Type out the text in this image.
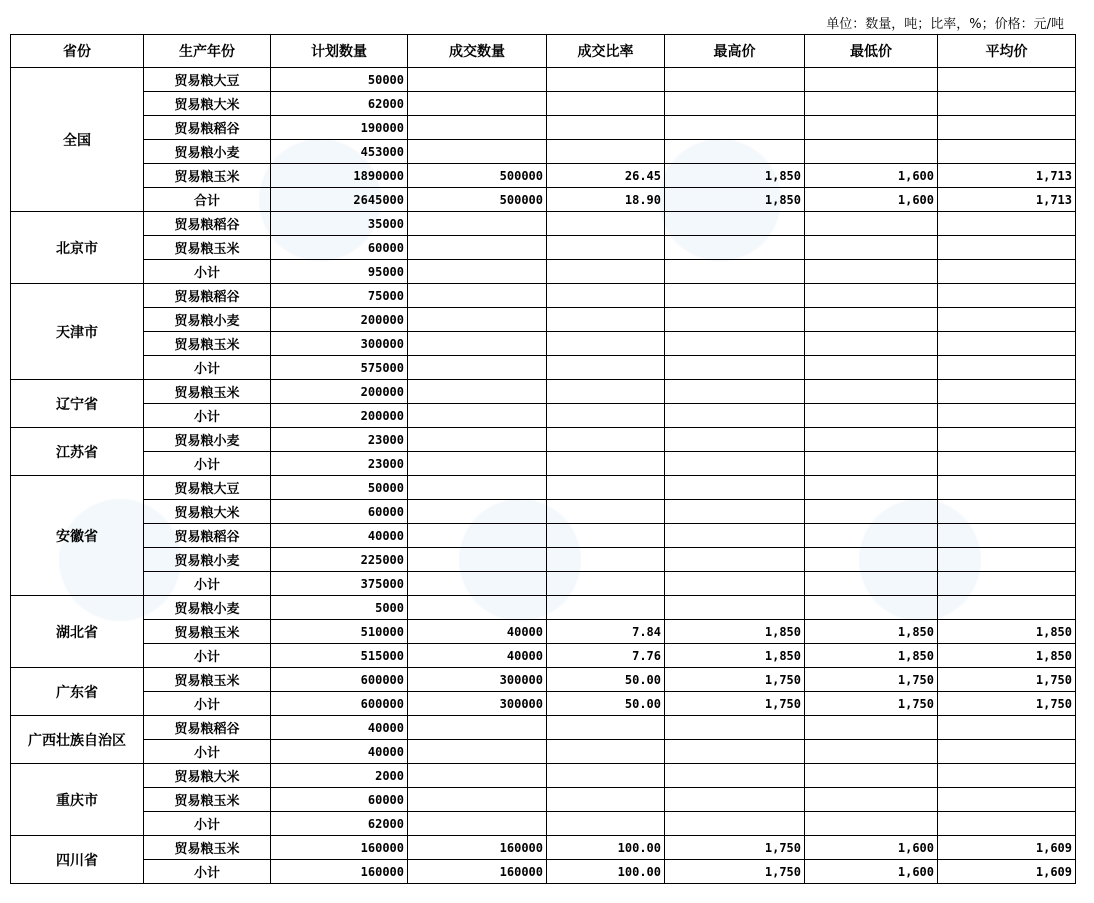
单位：数量，吨；比率，%；价格：元/吨
省份	生产年份	计划数量	成交数量	成交比率	最高价	最低价	平均价
全国	贸易粮大豆	50000					
	贸易粮大米	62000					
	贸易粮稻谷	190000					
	贸易粮小麦	453000					
	贸易粮玉米	1890000	500000	26.45	1,850	1,600	1,713
	合计	2645000	500000	18.90	1,850	1,600	1,713
北京市	贸易粮稻谷	35000					
	贸易粮玉米	60000					
	小计	95000					
天津市	贸易粮稻谷	75000					
	贸易粮小麦	200000					
	贸易粮玉米	300000					
	小计	575000					
辽宁省	贸易粮玉米	200000					
	小计	200000					
江苏省	贸易粮小麦	23000					
	小计	23000					
安徽省	贸易粮大豆	50000					
	贸易粮大米	60000					
	贸易粮稻谷	40000					
	贸易粮小麦	225000					
	小计	375000					
湖北省	贸易粮小麦	5000					
	贸易粮玉米	510000	40000	7.84	1,850	1,850	1,850
	小计	515000	40000	7.76	1,850	1,850	1,850
广东省	贸易粮玉米	600000	300000	50.00	1,750	1,750	1,750
	小计	600000	300000	50.00	1,750	1,750	1,750
广西壮族自治区	贸易粮稻谷	40000					
	小计	40000					
重庆市	贸易粮大米	2000					
	贸易粮玉米	60000					
	小计	62000					
四川省	贸易粮玉米	160000	160000	100.00	1,750	1,600	1,609
	小计	160000	160000	100.00	1,750	1,600	1,609
